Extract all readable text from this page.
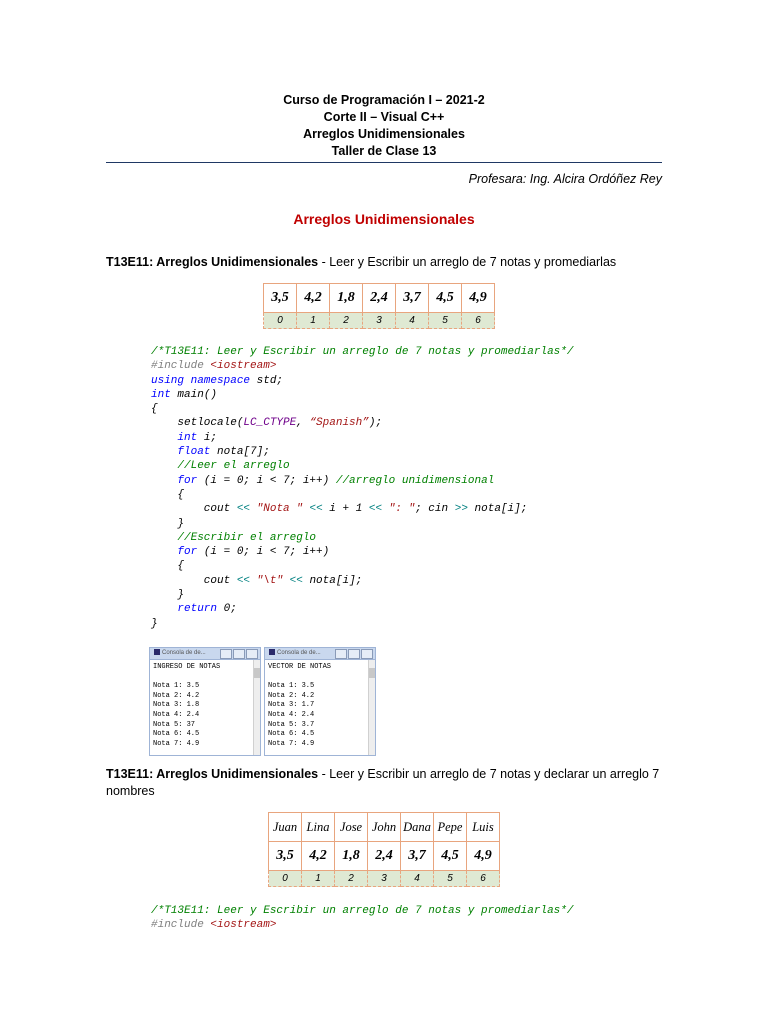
Curso de Programación I – 2021-2
Corte II – Visual C++
Arreglos Unidimensionales
Taller de Clase 13
Profesara: Ing. Alcira Ordóñez Rey
Arreglos Unidimensionales
T13E11: Arreglos Unidimensionales - Leer y Escribir un arreglo de 7 notas y promediarlas
3,5	4,2	1,8	2,4	3,7	4,5	4,9
0	1	2	3	4	5	6
/*T13E11: Leer y Escribir un arreglo de 7 notas y promediarlas*/
#include <iostream>
using namespace std;
int main()
{
setlocale(LC_CTYPE, “Spanish”);
int i;
float nota[7];
//Leer el arreglo
for (i = 0; i < 7; i++) //arreglo unidimensional
{
cout << "Nota " << i + 1 << ": "; cin >> nota[i];
}
//Escribir el arreglo
for (i = 0; i < 7; i++)
{
cout << "\t" << nota[i];
}
return 0;
}
Consola de de...
INGRESO DE NOTAS

Nota 1: 3.5
Nota 2: 4.2
Nota 3: 1.8
Nota 4: 2.4
Nota 5: 37
Nota 6: 4.5
Nota 7: 4.9
Consola de de...
VECTOR DE NOTAS

Nota 1: 3.5
Nota 2: 4.2
Nota 3: 1.7
Nota 4: 2.4
Nota 5: 3.7
Nota 6: 4.5
Nota 7: 4.9
T13E11: Arreglos Unidimensionales - Leer y Escribir un arreglo de 7 notas y declarar un arreglo 7 nombres
Juan	Lina	Jose	John	Dana	Pepe	Luis
3,5	4,2	1,8	2,4	3,7	4,5	4,9
0	1	2	3	4	5	6
/*T13E11: Leer y Escribir un arreglo de 7 notas y promediarlas*/
#include <iostream>
